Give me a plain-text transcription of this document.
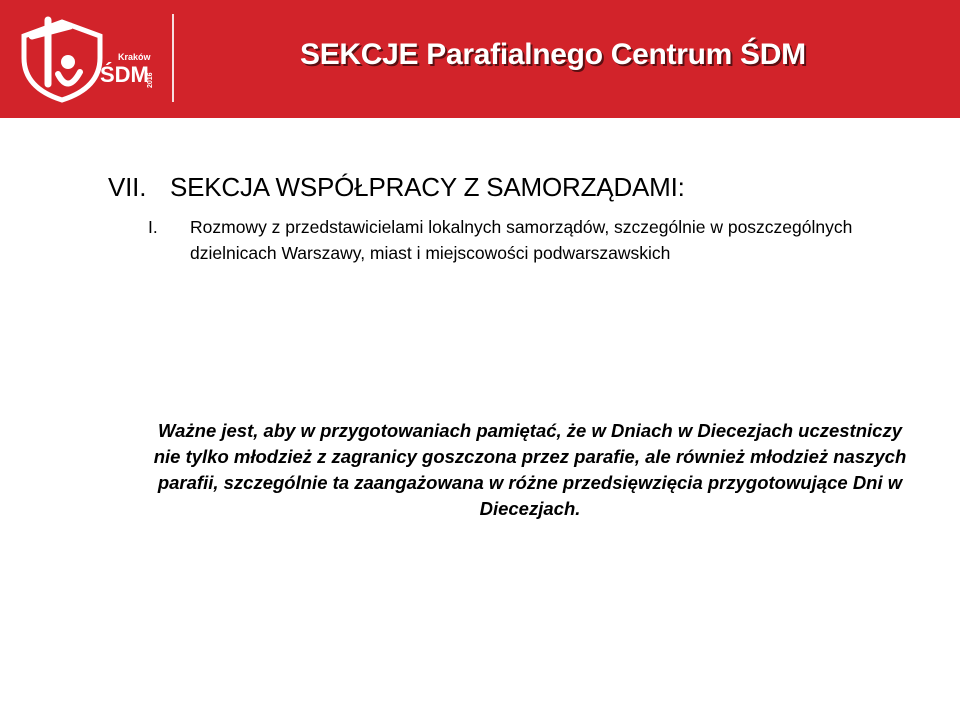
Kraków
ŚDM
2016
SEKCJE Parafialnego Centrum ŚDM
VII. SEKCJA WSPÓŁPRACY Z SAMORZĄDAMI:
I. Rozmowy z przedstawicielami lokalnych samorządów, szczególnie w poszczególnych dzielnicach Warszawy, miast i miejscowości podwarszawskich
Ważne jest, aby w przygotowaniach pamiętać, że w Dniach w Diecezjach uczestniczy nie tylko młodzież z zagranicy goszczona przez parafie, ale również młodzież naszych parafii, szczególnie ta zaangażowana w różne przedsięwzięcia przygotowujące Dni w Diecezjach.
